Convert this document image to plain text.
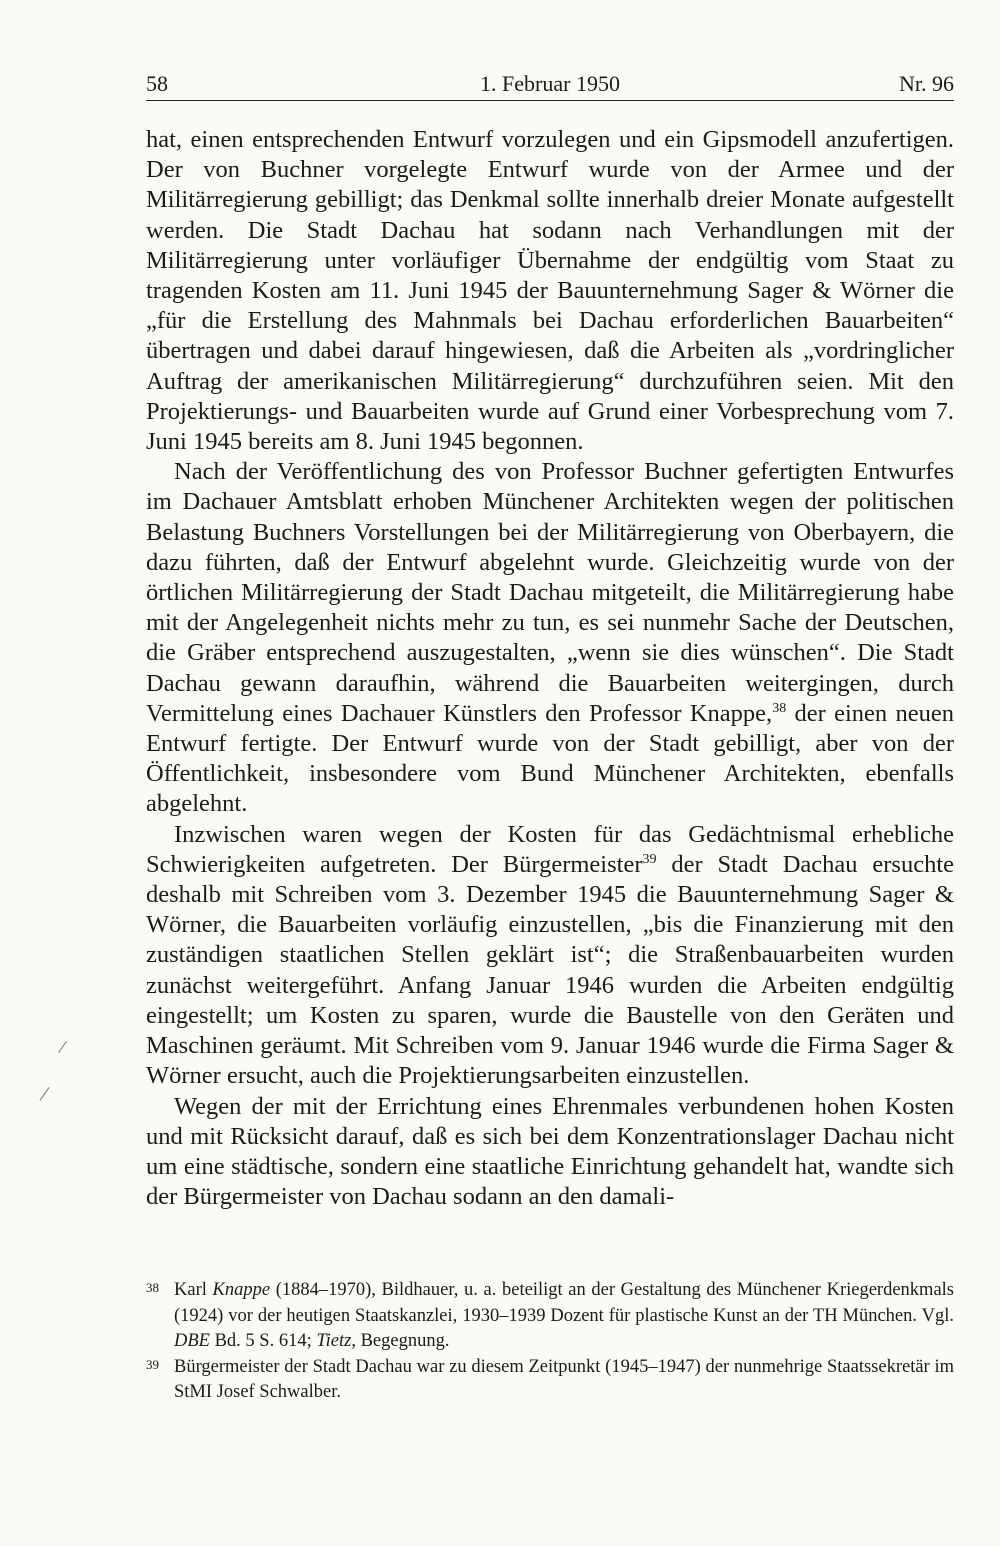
58	1. Februar 1950	Nr. 96

hat, einen entsprechenden Entwurf vorzulegen und ein Gipsmodell anzufertigen. Der von Buchner vorgelegte Entwurf wurde von der Armee und der Militärregierung gebilligt; das Denkmal sollte innerhalb dreier Monate aufgestellt werden. Die Stadt Dachau hat sodann nach Verhandlungen mit der Militärregierung unter vorläufiger Übernahme der endgültig vom Staat zu tragenden Kosten am 11. Juni 1945 der Bauunternehmung Sager & Wörner die „für die Erstellung des Mahnmals bei Dachau erforderlichen Bauarbeiten“ übertragen und dabei darauf hingewiesen, daß die Arbeiten als „vordringlicher Auftrag der amerikanischen Militärregierung“ durchzuführen seien. Mit den Projektierungs- und Bauarbeiten wurde auf Grund einer Vorbesprechung vom 7. Juni 1945 bereits am 8. Juni 1945 begonnen.

Nach der Veröffentlichung des von Professor Buchner gefertigten Entwurfes im Dachauer Amtsblatt erhoben Münchener Architekten wegen der politischen Belastung Buchners Vorstellungen bei der Militärregierung von Oberbayern, die dazu führten, daß der Entwurf abgelehnt wurde. Gleichzeitig wurde von der örtlichen Militärregierung der Stadt Dachau mitgeteilt, die Militärregierung habe mit der Angelegenheit nichts mehr zu tun, es sei nunmehr Sache der Deutschen, die Gräber entsprechend auszugestalten, „wenn sie dies wünschen“. Die Stadt Dachau gewann daraufhin, während die Bauarbeiten weitergingen, durch Vermittelung eines Dachauer Künstlers den Professor Knappe,$^{38}$ der einen neuen Entwurf fertigte. Der Entwurf wurde von der Stadt gebilligt, aber von der Öffentlichkeit, insbesondere vom Bund Münchener Architekten, ebenfalls abgelehnt.

Inzwischen waren wegen der Kosten für das Gedächtnismal erhebliche Schwierigkeiten aufgetreten. Der Bürgermeister$^{39}$ der Stadt Dachau ersuchte deshalb mit Schreiben vom 3. Dezember 1945 die Bauunternehmung Sager & Wörner, die Bauarbeiten vorläufig einzustellen, „bis die Finanzierung mit den zuständigen staatlichen Stellen geklärt ist“; die Straßenbauarbeiten wurden zunächst weitergeführt. Anfang Januar 1946 wurden die Arbeiten endgültig eingestellt; um Kosten zu sparen, wurde die Baustelle von den Geräten und Maschinen geräumt. Mit Schreiben vom 9. Januar 1946 wurde die Firma Sager & Wörner ersucht, auch die Projektierungsarbeiten einzustellen.

Wegen der mit der Errichtung eines Ehrenmales verbundenen hohen Kosten und mit Rücksicht darauf, daß es sich bei dem Konzentrationslager Dachau nicht um eine städtische, sondern eine staatliche Einrichtung gehandelt hat, wandte sich der Bürgermeister von Dachau sodann an den damali-

38 Karl Knappe (1884–1970), Bildhauer, u. a. beteiligt an der Gestaltung des Münchener Kriegerdenkmals (1924) vor der heutigen Staatskanzlei, 1930–1939 Dozent für plastische Kunst an der TH München. Vgl. DBE Bd. 5 S. 614; Tietz, Begegnung.

39 Bürgermeister der Stadt Dachau war zu diesem Zeitpunkt (1945–1947) der nunmehrige Staatssekretär im StMI Josef Schwalber.
